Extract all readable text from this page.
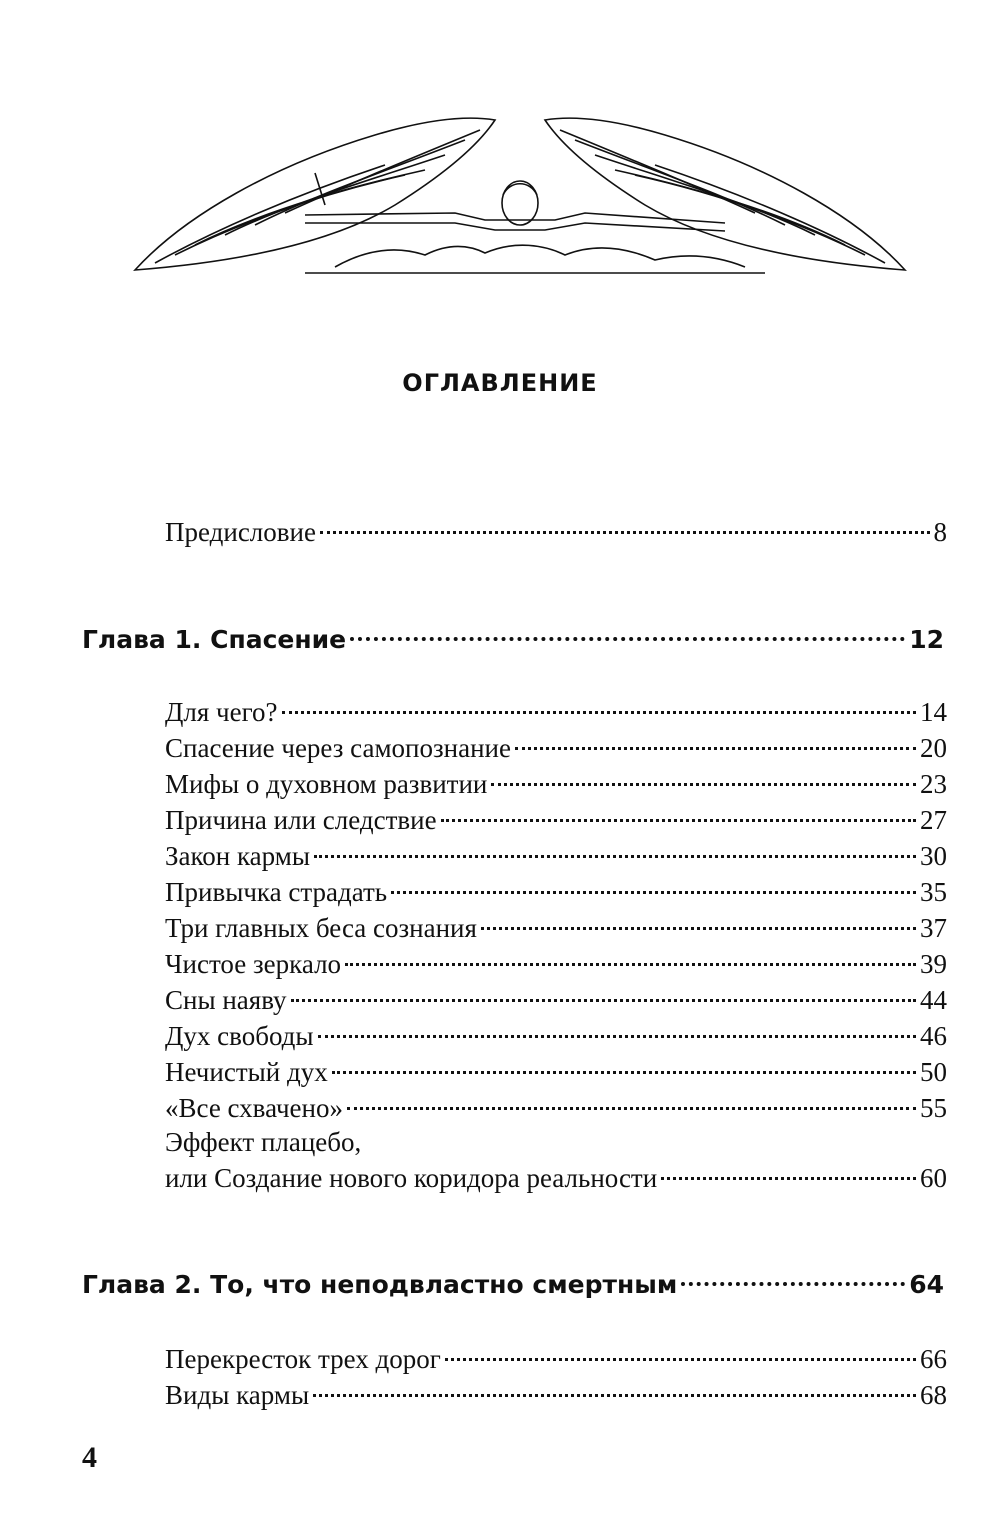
оглавление
Предисловие	8
Глава 1. Спасение	12
Для чего?	14
Спасение через самопознание	20
Мифы о духовном развитии	23
Причина или следствие	27
Закон кармы	30
Привычка страдать	35
Три главных беса сознания	37
Чистое зеркало	39
Сны наяву	44
Дух свободы	46
Нечистый дух	50
«Все схвачено»	55
Эффект плацебо,
или Создание нового коридора реальности	60
Глава 2. То, что неподвластно смертным	64
Перекресток трех дорог	66
Виды кармы	68
4
